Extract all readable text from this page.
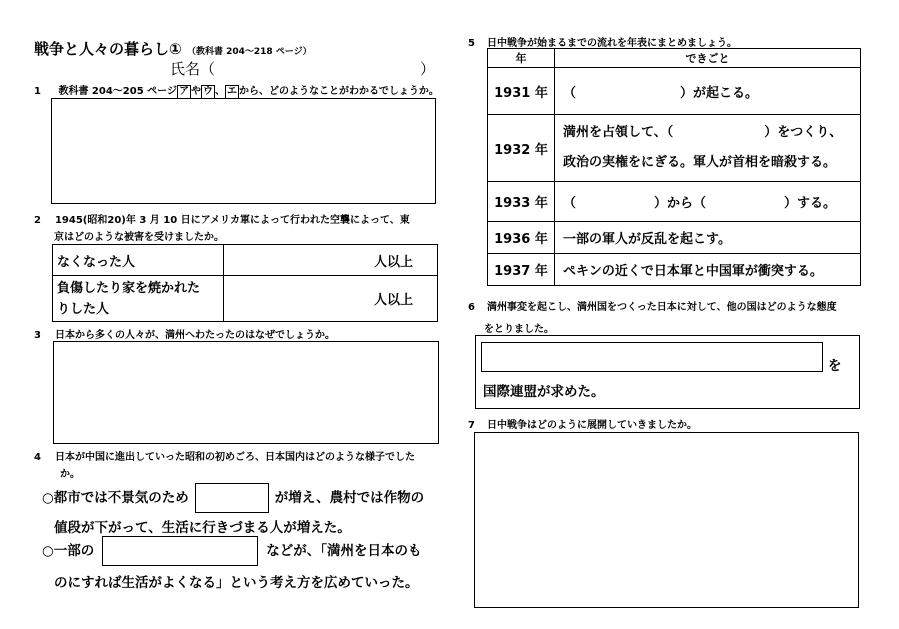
戦争と人々の暮らし① （教科書 204〜218 ページ）
氏名（	）
1 教科書 204〜205 ページ ア や ウ 、 エ から、どのようなことがわかるでしょうか。
2 1945(昭和20)年 3 月 10 日にアメリカ軍によって行われた空襲によって、東
京はどのような被害を受けましたか。
なくなった人	人以上

負傷したり家を焼かれた
りした人	人以上
3 日本から多くの人々が、満州へわたったのはなぜでしょうか。
4 日本が中国に進出していった昭和の初めごろ、日本国内はどのような様子でした
か。
○都市では不景気のため	が増え、農村では作物の
値段が下がって、生活に行きづまる人が増えた。
○一部の	などが、「満州を日本のも
のにすれば生活がよくなる」という考え方を広めていった。
5 日中戦争が始まるまでの流れを年表にまとめましょう。
年	できごと
1931 年	（　　　　　　　　）が起こる。
1932 年	満州を占領して、（　　　　　　　）をつくり、
政治の実権をにぎる。軍人が首相を暗殺する。

1933 年	（　　　　　　）から（　　　　　　）する。
1936 年	一部の軍人が反乱を起こす。
1937 年	ペキンの近くで日本軍と中国軍が衝突する。
6 満州事変を起こし、満州国をつくった日本に対して、他の国はどのような態度
をとりました。
を
国際連盟が求めた。
7 日中戦争はどのように展開していきましたか。
